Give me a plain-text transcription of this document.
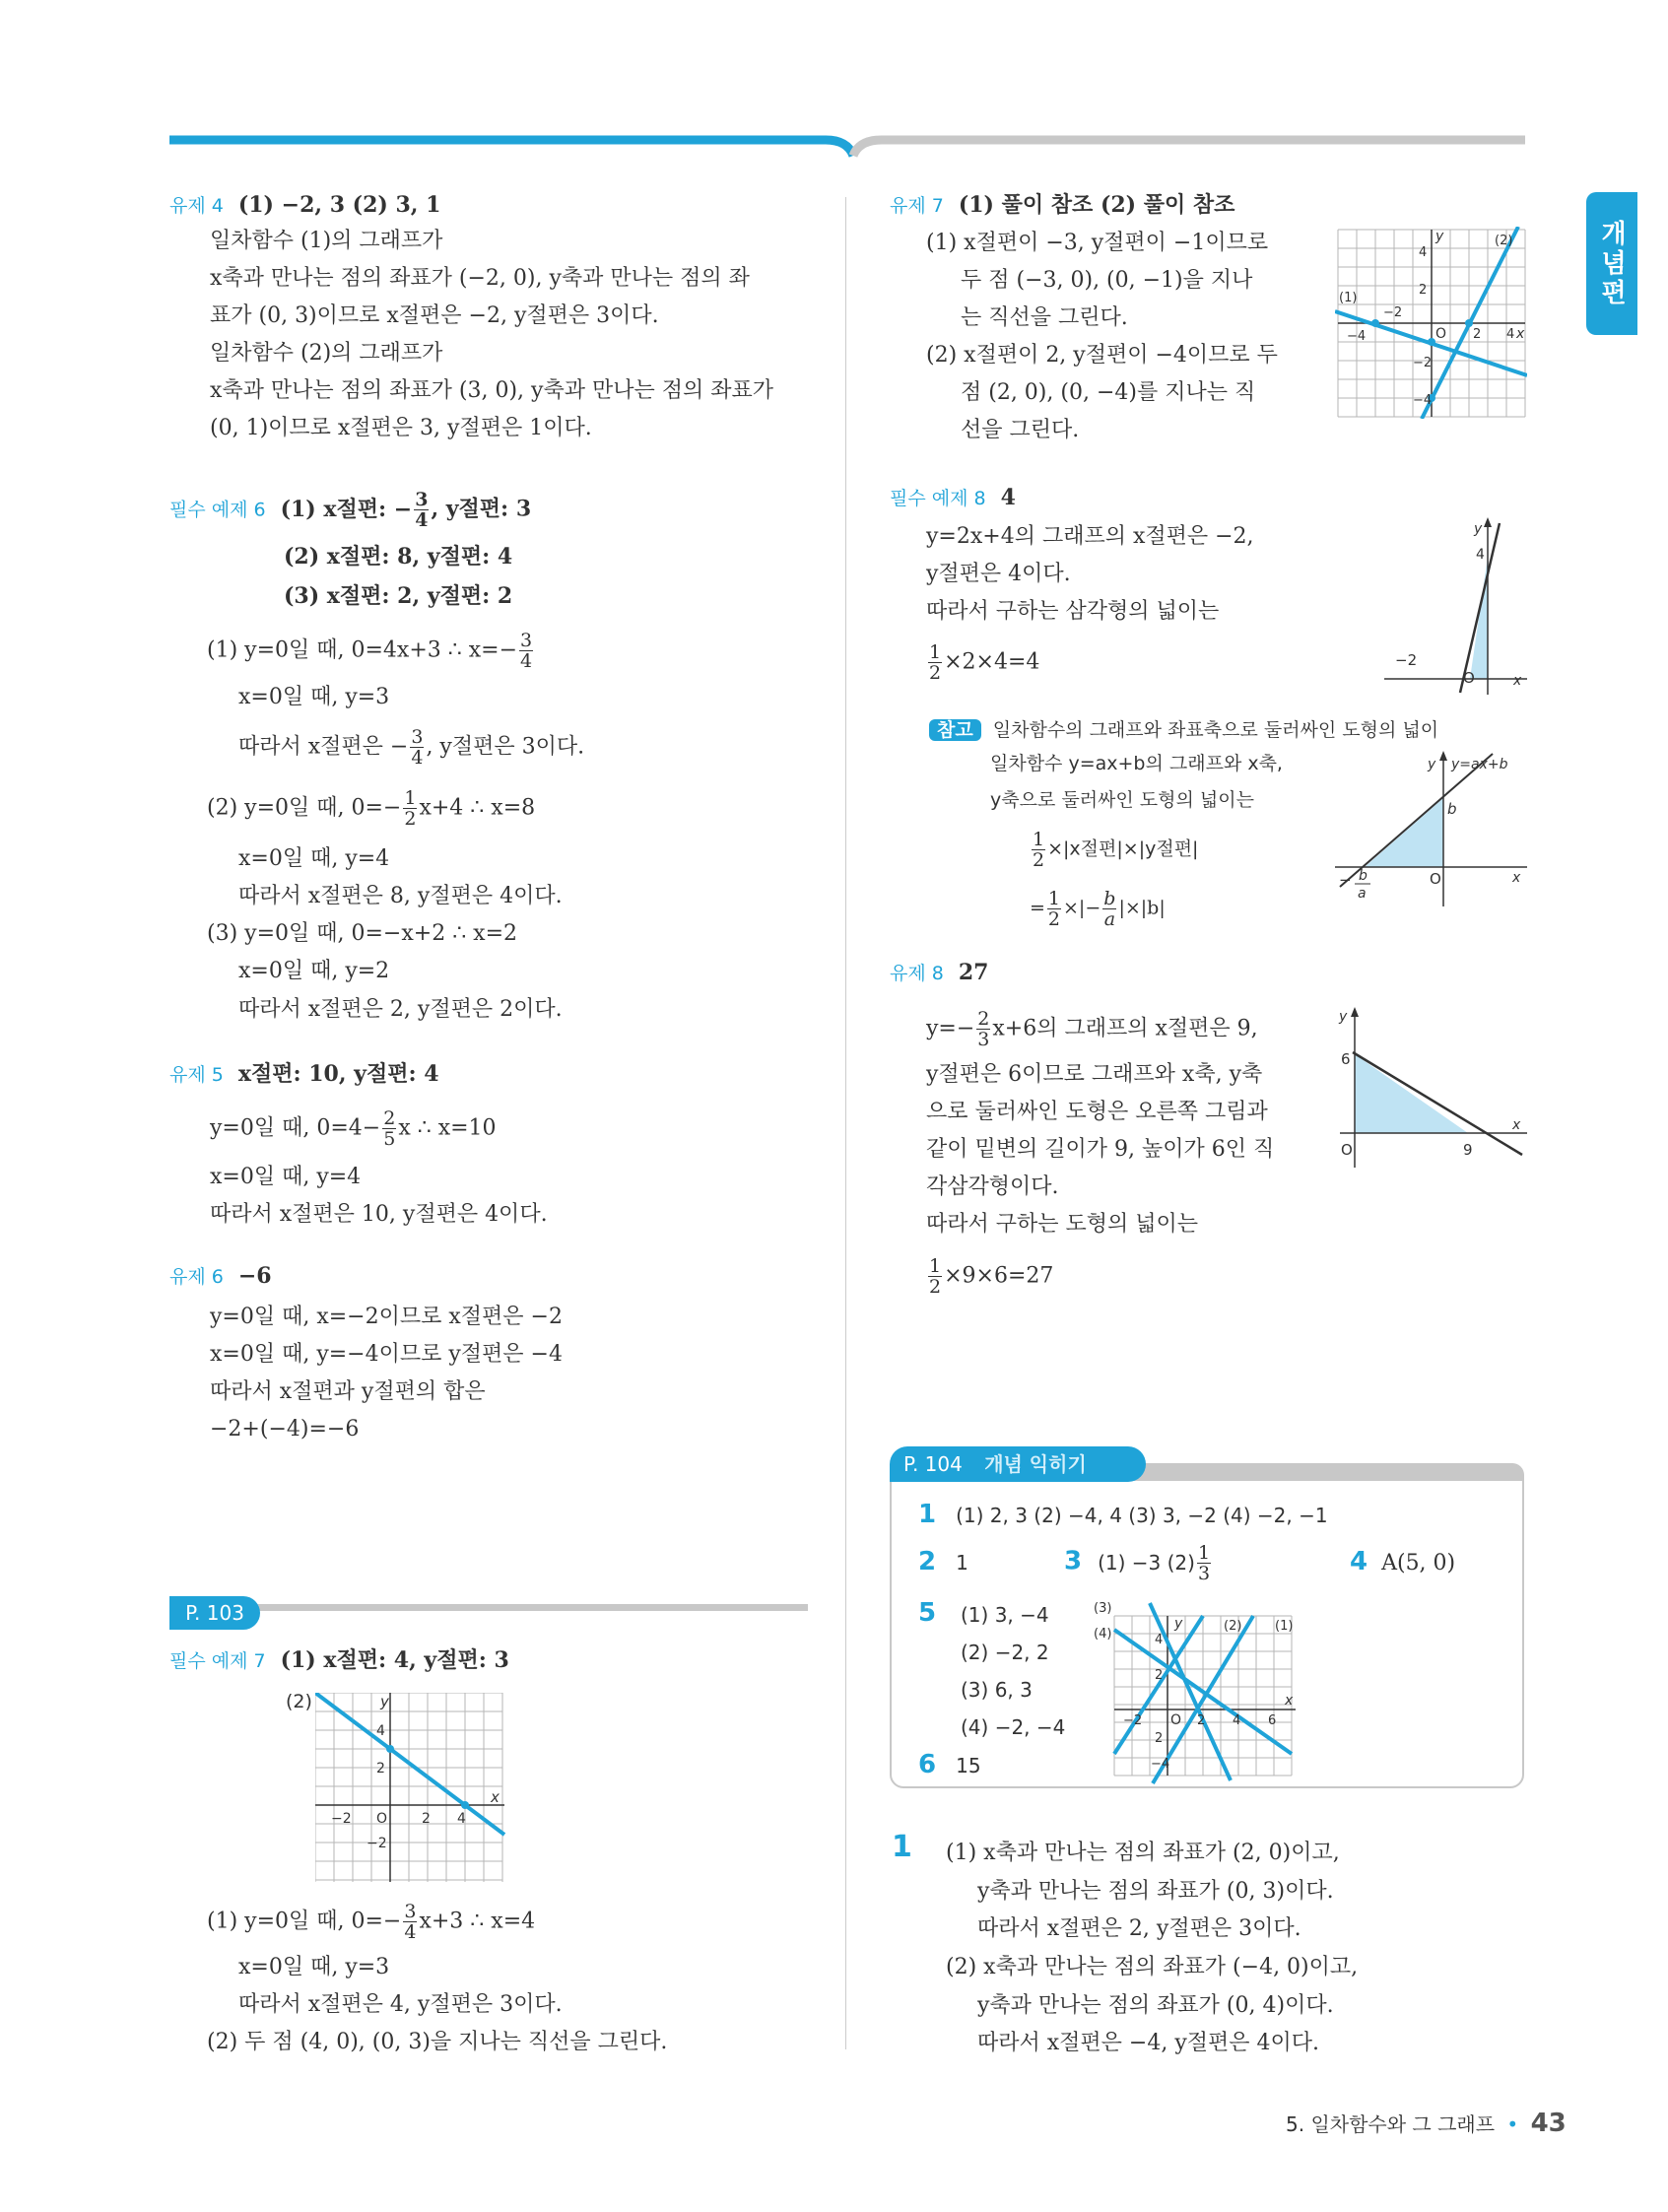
개념편
유제 4 (1) −2, 3 (2) 3, 1
일차함수 (1)의 그래프가
x축과 만나는 점의 좌표가 (−2, 0), y축과 만나는 점의 좌
표가 (0, 3)이므로 x절편은 −2, y절편은 3이다.
일차함수 (2)의 그래프가
x축과 만나는 점의 좌표가 (3, 0), y축과 만나는 점의 좌표가
(0, 1)이므로 x절편은 3, y절편은 1이다.
필수 예제 6 (1) x절편: − $\frac{3}{4}$ , y절편: 3
(2) x절편: 8, y절편: 4
(3) x절편: 2, y절편: 2
(1) y=0일 때, 0=4x+3 ∴ $x=- \frac{3}{4}$
x=0일 때, y=3
따라서 x절편은 − $\frac{3}{4}$ , y절편은 3이다.
(2) y=0일 때, $0=- \frac{1}{2} x+4$ ∴ x=8
x=0일 때, y=4
따라서 x절편은 8, y절편은 4이다.
(3) y=0일 때, 0=−x+2 ∴ x=2
x=0일 때, y=2
따라서 x절편은 2, y절편은 2이다.
유제 5 x절편: 10, y절편: 4
y=0일 때, $0=4- \frac{2}{5}$ x ∴ x=10
x=0일 때, y=4
따라서 x절편은 10, y절편은 4이다.
유제 6 −6
y=0일 때, x=−2이므로 x절편은 −2
x=0일 때, y=−4이므로 y절편은 −4
따라서 x절편과 y절편의 합은
−2+(−4)=−6
P. 103
필수 예제 7 (1) x절편: 4, y절편: 3
(2)
−2 O 2 4
4
2
−2
x
y
(1) y=0일 때, $0=- \frac{3}{4} x+3$ ∴ x=4
x=0일 때, y=3
따라서 x절편은 4, y절편은 3이다.
(2) 두 점 (4, 0), (0, 3)을 지나는 직선을 그린다.
유제 7 (1) 풀이 참조 (2) 풀이 참조
(1) x절편이 −3, y절편이 −1이므로
두 점 (−3, 0), (0, −1)을 지나
는 직선을 그린다.
(2) x절편이 2, y절편이 −4이므로 두
점 (2, 0), (0, −4)를 지나는 직
선을 그린다.
4
2
−4
−2
O 2 4
−2
−4
(1)
(2)
x
y
필수 예제 8 4
y=2x+4의 그래프의 x절편은 −2,
y절편은 4이다.
따라서 구하는 삼각형의 넓이는
$\frac{1}{2} \times 2\times 4=4$
4
−2
O	x
y
참고 일차함수의 그래프와 좌표축으로 둘러싸인 도형의 넓이
일차함수 y=ax+b의 그래프와 x축,
y축으로 둘러싸인 도형의 넓이는
$\frac{1}{2} \times|x$절편|×|y절편|
= $\frac{1}{2}$ ×|− $\frac{b}{a} |\times|b|$
y y=ax+b
b
− b
a
O	x
유제 8 27
$y=- \frac{2}{3} x+6$의 그래프의 x절편은 9,
y절편은 6이므로 그래프와 x축, y축
으로 둘러싸인 도형은 오른쪽 그림과
같이 밑변의 길이가 9, 높이가 6인 직
각삼각형이다.
따라서 구하는 도형의 넓이는
$\frac{1}{2} \times 9\times 6=27$
6
O	9
y
x
P. 104 개념 익히기
1 (1) 2, 3 (2) −4, 4 (3) 3, −2 (4) −2, −1
2 1	3 (1) −3 $(2) \frac{1}{3}$	4 A(5, 0)
5 (1) 3, −4
(2) −2, 2
(3) 6, 3
(4) −2, −4
6 15
(3)
(4)
(2)	(1)
4
2
−2 O 2 4 6
2
−4
x
y
1 (1) x축과 만나는 점의 좌표가 (2, 0)이고,
y축과 만나는 점의 좌표가 (0, 3)이다.
따라서 x절편은 2, y절편은 3이다.
(2) x축과 만나는 점의 좌표가 (−4, 0)이고,
y축과 만나는 점의 좌표가 (0, 4)이다.
따라서 x절편은 −4, y절편은 4이다.
5. 일차함수와 그 그래프 • 43
